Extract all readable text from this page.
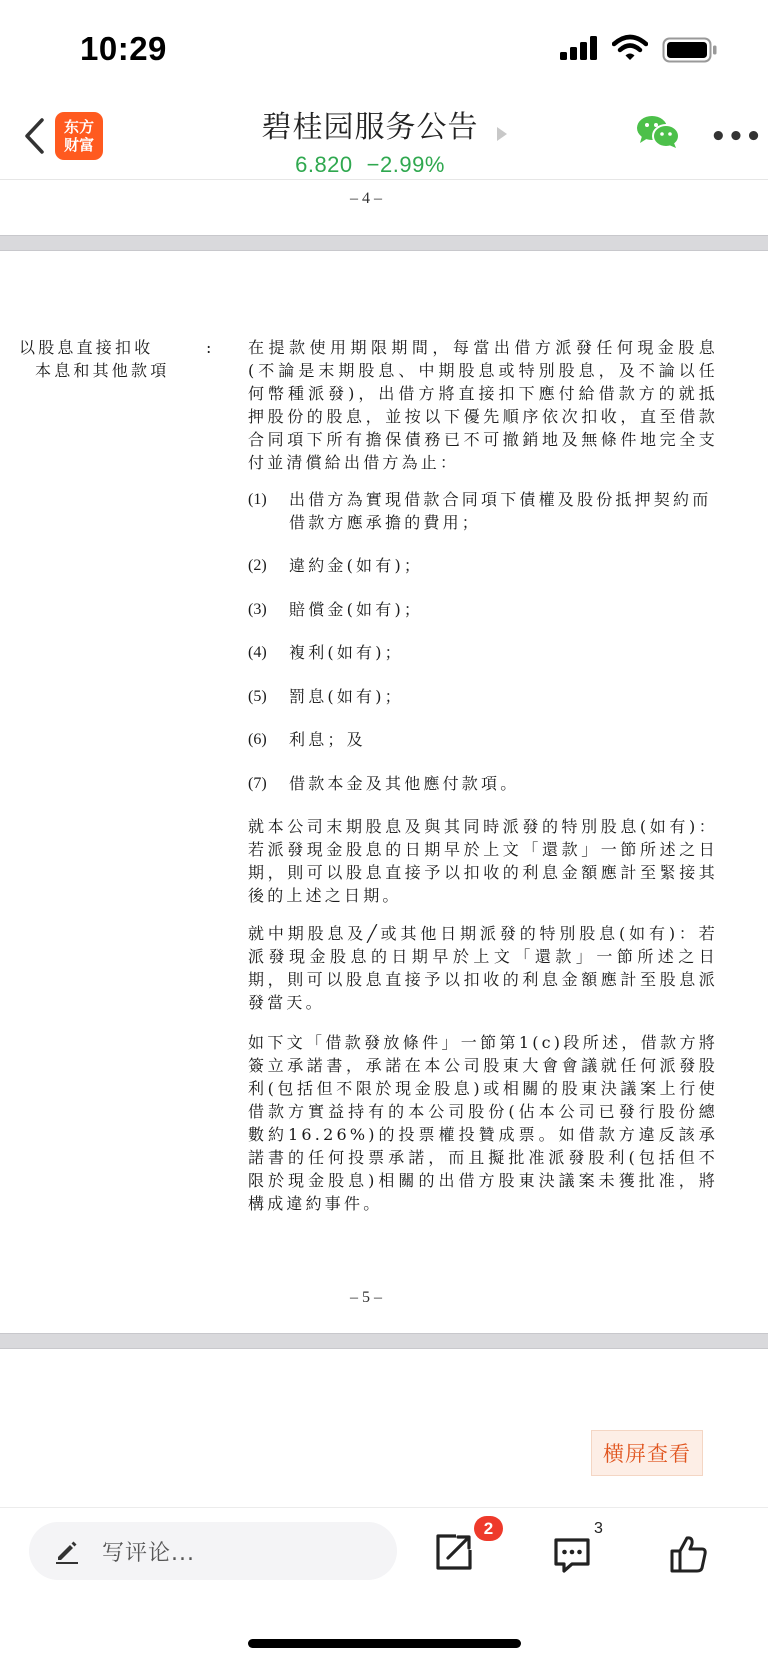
10:29
东方
财富	碧桂园服务公告
6.820 −2.99%
•••
– 4 –
以股息直接扣收
本息和其他款項
: 在提款使用期限期間，每當出借方派發任何現金股息(不論是末期股息、中期股息或特別股息，及不論以任何幣種派發)，出借方將直接扣下應付給借款方的就抵押股份的股息，並按以下優先順序依次扣收，直至借款合同項下所有擔保債務已不可撤銷地及無條件地完全支付並清償給出借方為止：
(1) 出借方為實現借款合同項下債權及股份抵押契約而借款方應承擔的費用；
(2) 違約金(如有)；
(3) 賠償金(如有)；
(4) 複利(如有)；
(5) 罰息(如有)；
(6) 利息；及
(7) 借款本金及其他應付款項。
就本公司末期股息及與其同時派發的特別股息(如有)：若派發現金股息的日期早於上文「還款」一節所述之日期，則可以股息直接予以扣收的利息金額應計至緊接其後的上述之日期。
就中期股息及╱或其他日期派發的特別股息(如有)：若派發現金股息的日期早於上文「還款」一節所述之日期，則可以股息直接予以扣收的利息金額應計至股息派發當天。
如下文「借款發放條件」一節第1(c)段所述，借款方將簽立承諾書，承諾在本公司股東大會會議就任何派發股利(包括但不限於現金股息)或相關的股東決議案上行使借款方實益持有的本公司股份(佔本公司已發行股份總數約16.26%)的投票權投贊成票。如借款方違反該承諾書的任何投票承諾，而且擬批准派發股利(包括但不限於現金股息)相關的出借方股東決議案未獲批准，將構成違約事件。
– 5 –
横屏查看
写评论...
2	3
